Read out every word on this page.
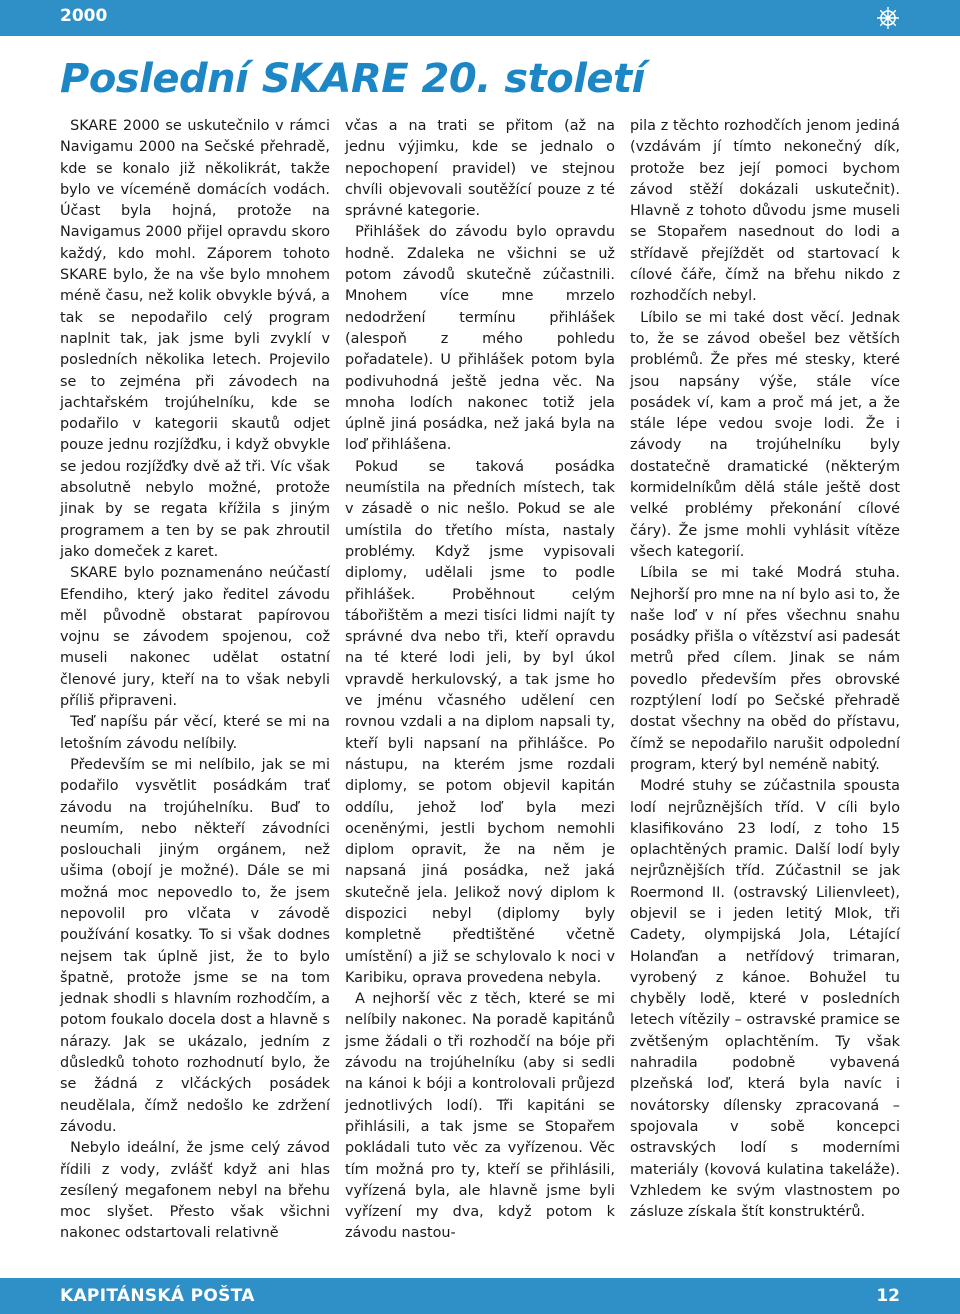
2000
Poslední SKARE 20. století

SKARE 2000 se uskutečnilo v rámci Navigamu 2000 na Sečské přehradě, kde se konalo již několikrát, takže bylo ve víceméně domácích vodách. Účast byla hojná, protože na Navigamus 2000 přijel opravdu skoro každý, kdo mohl. Záporem tohoto SKARE bylo, že na vše bylo mnohem méně času, než kolik obvykle bývá, a tak se nepodařilo celý program naplnit tak, jak jsme byli zvyklí v posledních několika letech. Projevilo se to zejména při závodech na jachtařském trojúhelníku, kde se podařilo v kategorii skautů odjet pouze jednu rozjížďku, i když obvykle se jedou rozjížďky dvě až tři. Víc však absolutně nebylo možné, protože jinak by se regata křížila s jiným programem a ten by se pak zhroutil jako domeček z karet.

SKARE bylo poznamenáno neúčastí Efendiho, který jako ředitel závodu měl původně obstarat papírovou vojnu se závodem spojenou, což museli nakonec udělat ostatní členové jury, kteří na to však nebyli příliš připraveni.

Teď napíšu pár věcí, které se mi na letošním závodu nelíbily.

Především se mi nelíbilo, jak se mi podařilo vysvětlit posádkám trať závodu na trojúhelníku. Buď to neumím, nebo někteří závodníci poslouchali jiným orgánem, než ušima (obojí je možné). Dále se mi možná moc nepovedlo to, že jsem nepovolil pro vlčata v závodě používání kosatky. To si však dodnes nejsem tak úplně jist, že to bylo špatně, protože jsme se na tom jednak shodli s hlavním rozhodčím, a potom foukalo docela dost a hlavně s nárazy. Jak se ukázalo, jedním z důsledků tohoto rozhodnutí bylo, že se žádná z vlčáckých posádek neudělala, čímž nedošlo ke zdržení závodu.

Nebylo ideální, že jsme celý závod řídili z vody, zvlášť když ani hlas zesílený megafonem nebyl na břehu moc slyšet. Přesto však všichni nakonec odstartovali relativně

včas a na trati se přitom (až na jednu výjimku, kde se jednalo o nepochopení pravidel) ve stejnou chvíli objevovali soutěžící pouze z té správné kategorie.

Přihlášek do závodu bylo opravdu hodně. Zdaleka ne všichni se už potom závodů skutečně zúčastnili. Mnohem více mne mrzelo nedodržení termínu přihlášek (alespoň z mého pohledu pořadatele). U přihlášek potom byla podivuhodná ještě jedna věc. Na mnoha lodích nakonec totiž jela úplně jiná posádka, než jaká byla na loď přihlášena.

Pokud se taková posádka neumístila na předních místech, tak v zásadě o nic nešlo. Pokud se ale umístila do třetího místa, nastaly problémy. Když jsme vypisovali diplomy, udělali jsme to podle přihlášek. Proběhnout celým tábořištěm a mezi tisíci lidmi najít ty správné dva nebo tři, kteří opravdu na té které lodi jeli, by byl úkol vpravdě herkulovský, a tak jsme ho ve jménu včasného udělení cen rovnou vzdali a na diplom napsali ty, kteří byli napsaní na přihlášce. Po nástupu, na kterém jsme rozdali diplomy, se potom objevil kapitán oddílu, jehož loď byla mezi oceněnými, jestli bychom nemohli diplom opravit, že na něm je napsaná jiná posádka, než jaká skutečně jela. Jelikož nový diplom k dispozici nebyl (diplomy byly kompletně předtištěné včetně umístění) a již se schylovalo k noci v Karibiku, oprava provedena nebyla.

A nejhorší věc z těch, které se mi nelíbily nakonec. Na poradě kapitánů jsme žádali o tři rozhodčí na bóje při závodu na trojúhelníku (aby si sedli na kánoi k bóji a kontrolovali průjezd jednotlivých lodí). Tři kapitáni se přihlásili, a tak jsme se Stopařem pokládali tuto věc za vyřízenou. Věc tím možná pro ty, kteří se přihlásili, vyřízená byla, ale hlavně jsme byli vyřízení my dva, když potom k závodu nastou-

pila z těchto rozhodčích jenom jediná (vzdávám jí tímto nekonečný dík, protože bez její pomoci bychom závod stěží dokázali uskutečnit). Hlavně z tohoto důvodu jsme museli se Stopařem nasednout do lodi a střídavě přejíždět od startovací k cílové čáře, čímž na břehu nikdo z rozhodčích nebyl.

Líbilo se mi také dost věcí. Jednak to, že se závod obešel bez větších problémů. Že přes mé stesky, které jsou napsány výše, stále více posádek ví, kam a proč má jet, a že stále lépe vedou svoje lodi. Že i závody na trojúhelníku byly dostatečně dramatické (některým kormidelníkům dělá stále ještě dost velké problémy překonání cílové čáry). Že jsme mohli vyhlásit vítěze všech kategorií.

Líbila se mi také Modrá stuha. Nejhorší pro mne na ní bylo asi to, že naše loď v ní přes všechnu snahu posádky přišla o vítězství asi padesát metrů před cílem. Jinak se nám povedlo především přes obrovské rozptýlení lodí po Sečské přehradě dostat všechny na oběd do přístavu, čímž se nepodařilo narušit odpolední program, který byl neméně nabitý.

Modré stuhy se zúčastnila spousta lodí nejrůznějších tříd. V cíli bylo klasifikováno 23 lodí, z toho 15 oplachtěných pramic. Další lodí byly nejrůznějších tříd. Zúčastnil se jak Roermond II. (ostravský Lilienvleet), objevil se i jeden letitý Mlok, tři Cadety, olympijská Jola, Létající Holanďan a netřídový trimaran, vyrobený z kánoe. Bohužel tu chyběly lodě, které v posledních letech vítězily – ostravské pramice se zvětšeným oplachtěním. Ty však nahradila podobně vybavená plzeňská loď, která byla navíc i novátorsky dílensky zpracovaná – spojovala v sobě koncepci ostravských lodí s moderními materiály (kovová kulatina takeláže). Vzhledem ke svým vlastnostem po zásluze získala štít konstruktérů.

KAPITÁNSKÁ POŠTA	12
